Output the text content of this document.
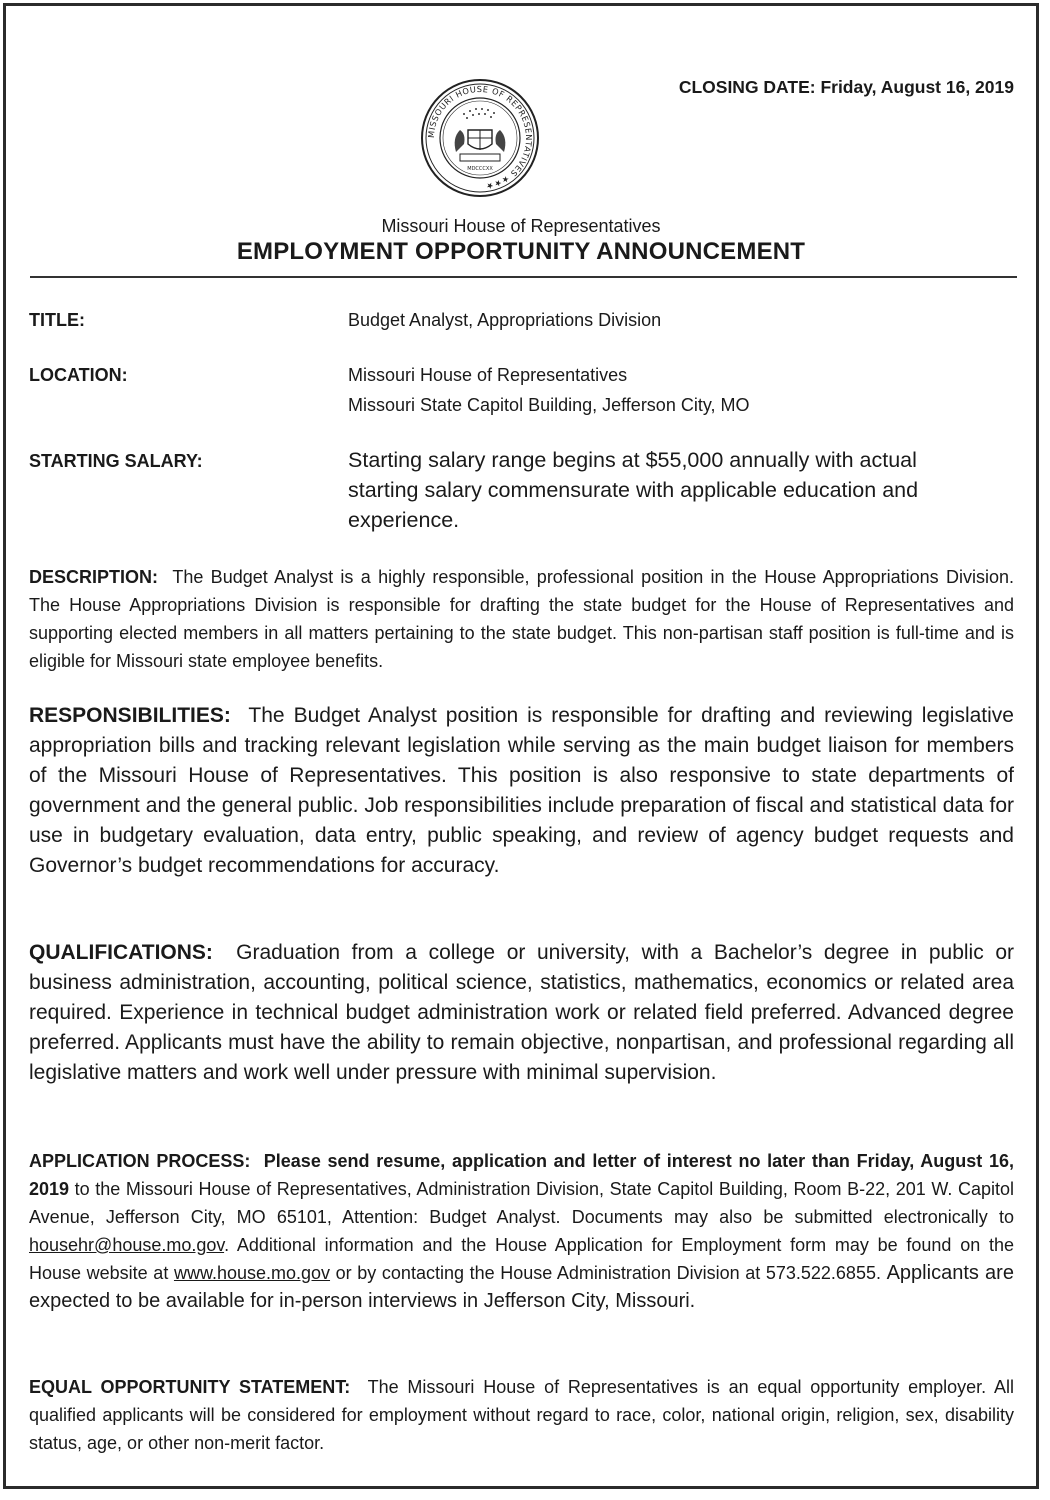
CLOSING DATE: Friday, August 16, 2019
MISSOURI HOUSE OF REPRESENTATIVES ★★★
MDCCCXX
Missouri House of Representatives
EMPLOYMENT OPPORTUNITY ANNOUNCEMENT
TITLE:	Budget Analyst, Appropriations Division
LOCATION:	Missouri House of Representatives
Missouri State Capitol Building, Jefferson City, MO
STARTING SALARY:	Starting salary range begins at $55,000 annually with actual starting salary commensurate with applicable education and experience.
DESCRIPTION: The Budget Analyst is a highly responsible, professional position in the House Appropriations Division. The House Appropriations Division is responsible for drafting the state budget for the House of Representatives and supporting elected members in all matters pertaining to the state budget. This non-partisan staff position is full-time and is eligible for Missouri state employee benefits.
RESPONSIBILITIES: The Budget Analyst position is responsible for drafting and reviewing legislative appropriation bills and tracking relevant legislation while serving as the main budget liaison for members of the Missouri House of Representatives. This position is also responsive to state departments of government and the general public. Job responsibilities include preparation of fiscal and statistical data for use in budgetary evaluation, data entry, public speaking, and review of agency budget requests and Governor’s budget recommendations for accuracy.
QUALIFICATIONS: Graduation from a college or university, with a Bachelor’s degree in public or business administration, accounting, political science, statistics, mathematics, economics or related area required. Experience in technical budget administration work or related field preferred. Advanced degree preferred. Applicants must have the ability to remain objective, nonpartisan, and professional regarding all legislative matters and work well under pressure with minimal supervision.
APPLICATION PROCESS: Please send resume, application and letter of interest no later than Friday, August 16, 2019 to the Missouri House of Representatives, Administration Division, State Capitol Building, Room B-22, 201 W. Capitol Avenue, Jefferson City, MO 65101, Attention: Budget Analyst. Documents may also be submitted electronically to househr@house.mo.gov. Additional information and the House Application for Employment form may be found on the House website at www.house.mo.gov or by contacting the House Administration Division at 573.522.6855. Applicants are expected to be available for in-person interviews in Jefferson City, Missouri.
EQUAL OPPORTUNITY STATEMENT: The Missouri House of Representatives is an equal opportunity employer. All qualified applicants will be considered for employment without regard to race, color, national origin, religion, sex, disability status, age, or other non-merit factor.
